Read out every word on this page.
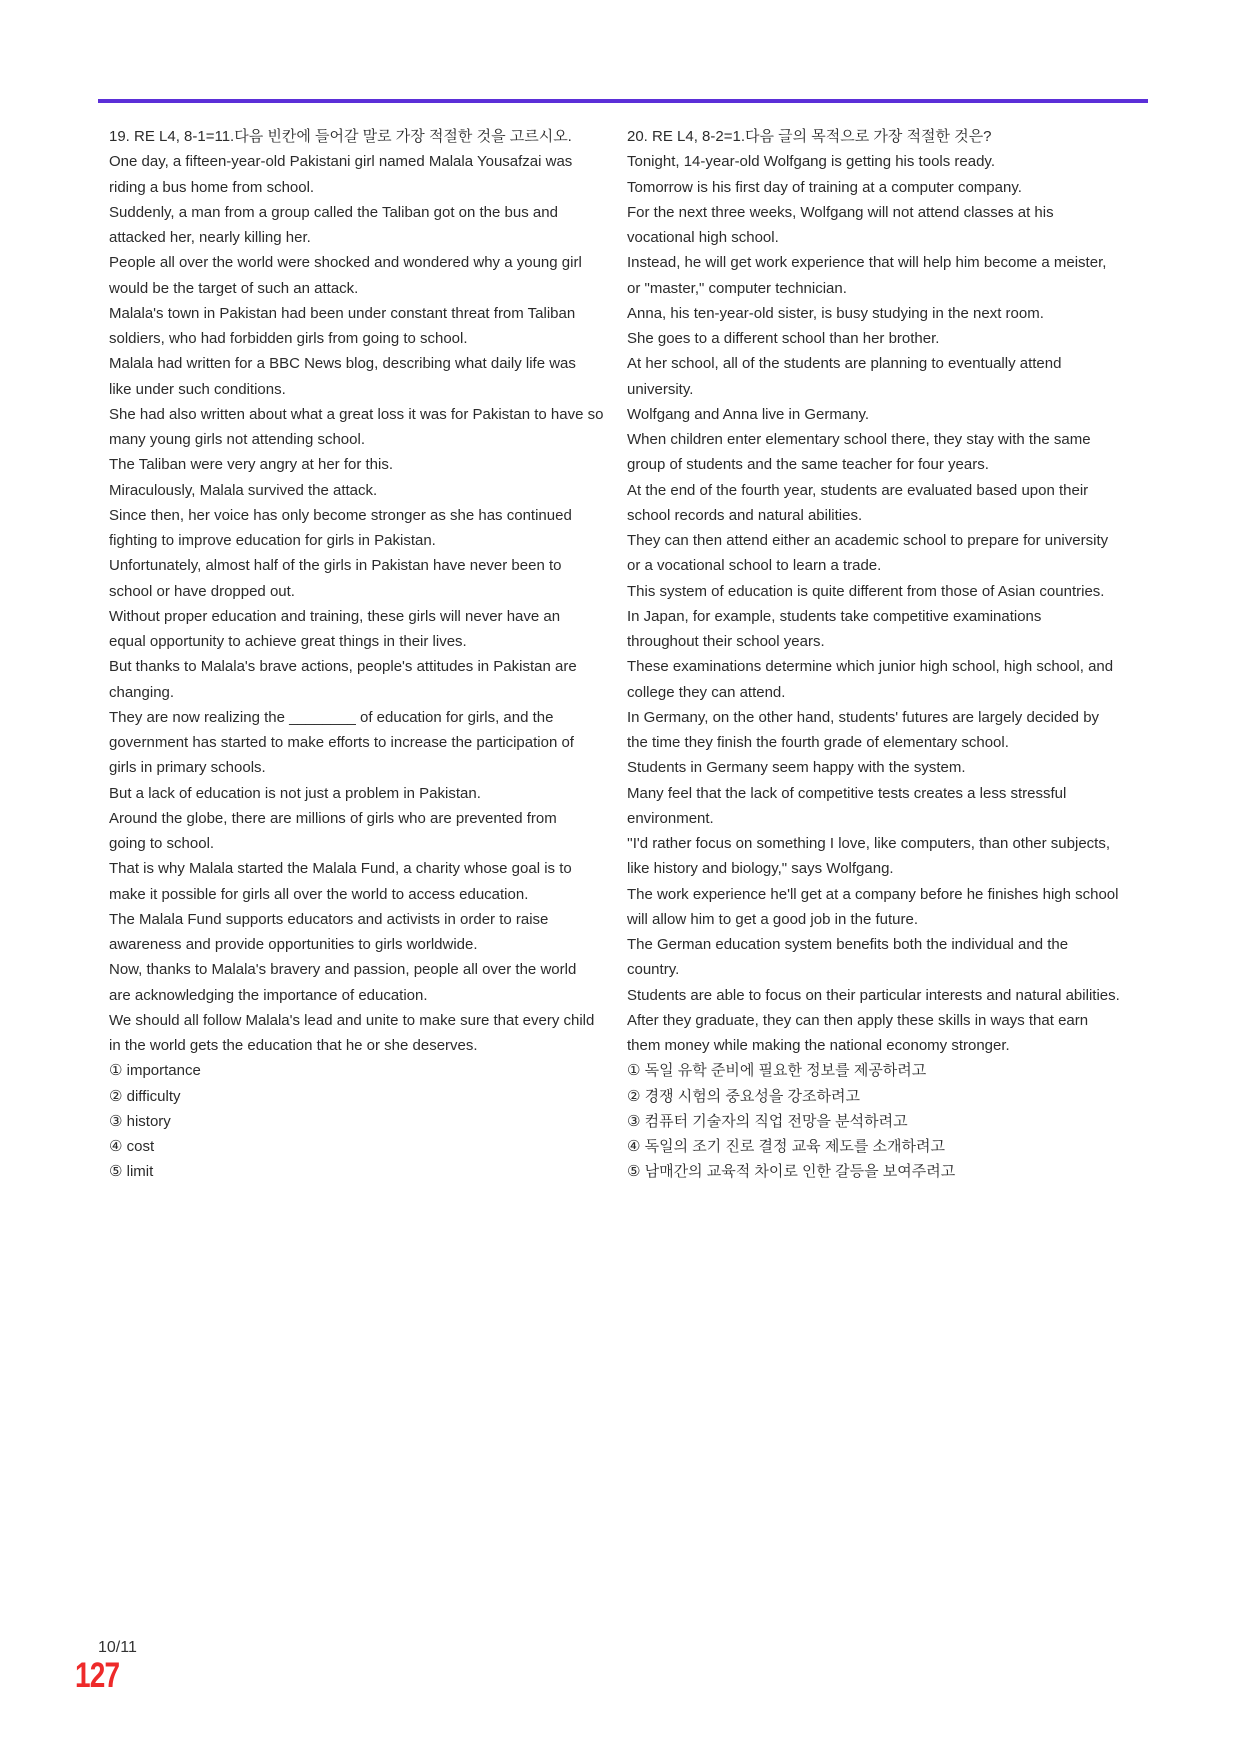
19. RE L4, 8-1=11.다음 빈칸에 들어갈 말로 가장 적절한 것을 고르시오.

One day, a fifteen-year-old Pakistani girl named Malala Yousafzai was
riding a bus home from school.

Suddenly, a man from a group called the Taliban got on the bus and
attacked her, nearly killing her.

People all over the world were shocked and wondered why a young girl
would be the target of such an attack.

Malala's town in Pakistan had been under constant threat from Taliban
soldiers, who had forbidden girls from going to school.

Malala had written for a BBC News blog, describing what daily life was
like under such conditions.

She had also written about what a great loss it was for Pakistan to have so
many young girls not attending school.

The Taliban were very angry at her for this.

Miraculously, Malala survived the attack.

Since then, her voice has only become stronger as she has continued
fighting to improve education for girls in Pakistan.

Unfortunately, almost half of the girls in Pakistan have never been to
school or have dropped out.

Without proper education and training, these girls will never have an
equal opportunity to achieve great things in their lives.

But thanks to Malala's brave actions, people's attitudes in Pakistan are
changing.

They are now realizing the ________ of education for girls, and the
government has started to make efforts to increase the participation of
girls in primary schools.

But a lack of education is not just a problem in Pakistan.

Around the globe, there are millions of girls who are prevented from
going to school.

That is why Malala started the Malala Fund, a charity whose goal is to
make it possible for girls all over the world to access education.

The Malala Fund supports educators and activists in order to raise
awareness and provide opportunities to girls worldwide.

Now, thanks to Malala's bravery and passion, people all over the world
are acknowledging the importance of education.

We should all follow Malala's lead and unite to make sure that every child
in the world gets the education that he or she deserves.

① importance
② difficulty
③ history
④ cost
⑤ limit
20. RE L4, 8-2=1.다음 글의 목적으로 가장 적절한 것은?

Tonight, 14-year-old Wolfgang is getting his tools ready.

Tomorrow is his first day of training at a computer company.

For the next three weeks, Wolfgang will not attend classes at his
vocational high school.

Instead, he will get work experience that will help him become a meister,
or "master," computer technician.

Anna, his ten-year-old sister, is busy studying in the next room.

She goes to a different school than her brother.

At her school, all of the students are planning to eventually attend
university.

Wolfgang and Anna live in Germany.

When children enter elementary school there, they stay with the same
group of students and the same teacher for four years.

At the end of the fourth year, students are evaluated based upon their
school records and natural abilities.

They can then attend either an academic school to prepare for university
or a vocational school to learn a trade.

This system of education is quite different from those of Asian countries.

In Japan, for example, students take competitive examinations
throughout their school years.

These examinations determine which junior high school, high school, and
college they can attend.

In Germany, on the other hand, students' futures are largely decided by
the time they finish the fourth grade of elementary school.

Students in Germany seem happy with the system.

Many feel that the lack of competitive tests creates a less stressful
environment.

''I'd rather focus on something I love, like computers, than other subjects,
like history and biology," says Wolfgang.

The work experience he'll get at a company before he finishes high school
will allow him to get a good job in the future.

The German education system benefits both the individual and the
country.

Students are able to focus on their particular interests and natural abilities.

After they graduate, they can then apply these skills in ways that earn
them money while making the national economy stronger.

① 독일 유학 준비에 필요한 정보를 제공하려고
② 경쟁 시험의 중요성을 강조하려고
③ 컴퓨터 기술자의 직업 전망을 분석하려고
④ 독일의 조기 진로 결정 교육 제도를 소개하려고
⑤ 남매간의 교육적 차이로 인한 갈등을 보여주려고
10/11
127
